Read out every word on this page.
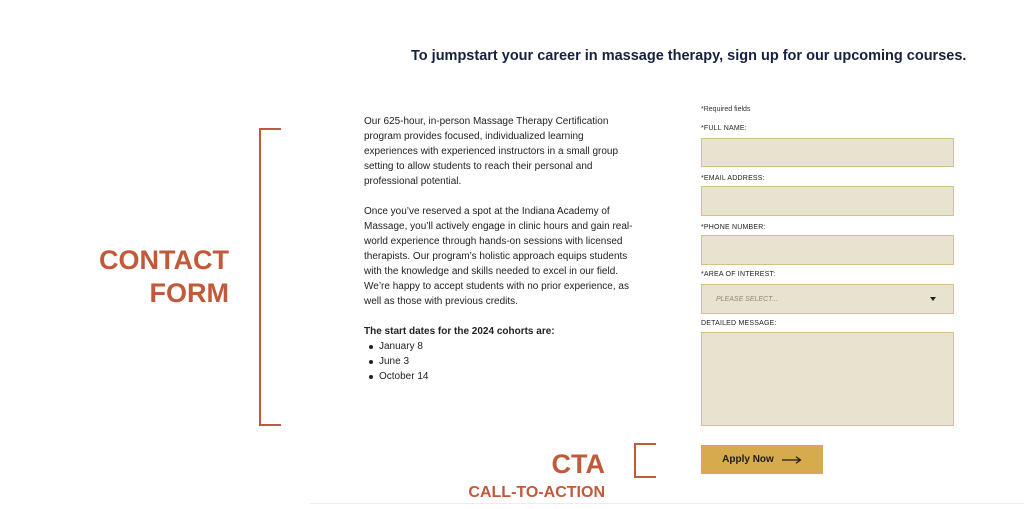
To jumpstart your career in massage therapy, sign up for our upcoming courses.
CONTACT
FORM
CTA
CALL-TO-ACTION

Our 625-hour, in-person Massage Therapy Certification program provides focused, individualized learning experiences with experienced instructors in a small group setting to allow students to reach their personal and professional potential.

Once you’ve reserved a spot at the Indiana Academy of Massage, you’ll actively engage in clinic hours and gain real-world experience through hands-on sessions with licensed therapists. Our program’s holistic approach equips students with the knowledge and skills needed to excel in our field. We’re happy to accept students with no prior experience, as well as those with previous credits.

The start dates for the 2024 cohorts are:

January 8
June 3
October 14
*Required fields
*FULL NAME:
*EMAIL ADDRESS:
*PHONE NUMBER:
*AREA OF INTEREST:
PLEASE SELECT...
DETAILED MESSAGE:
Apply Now
